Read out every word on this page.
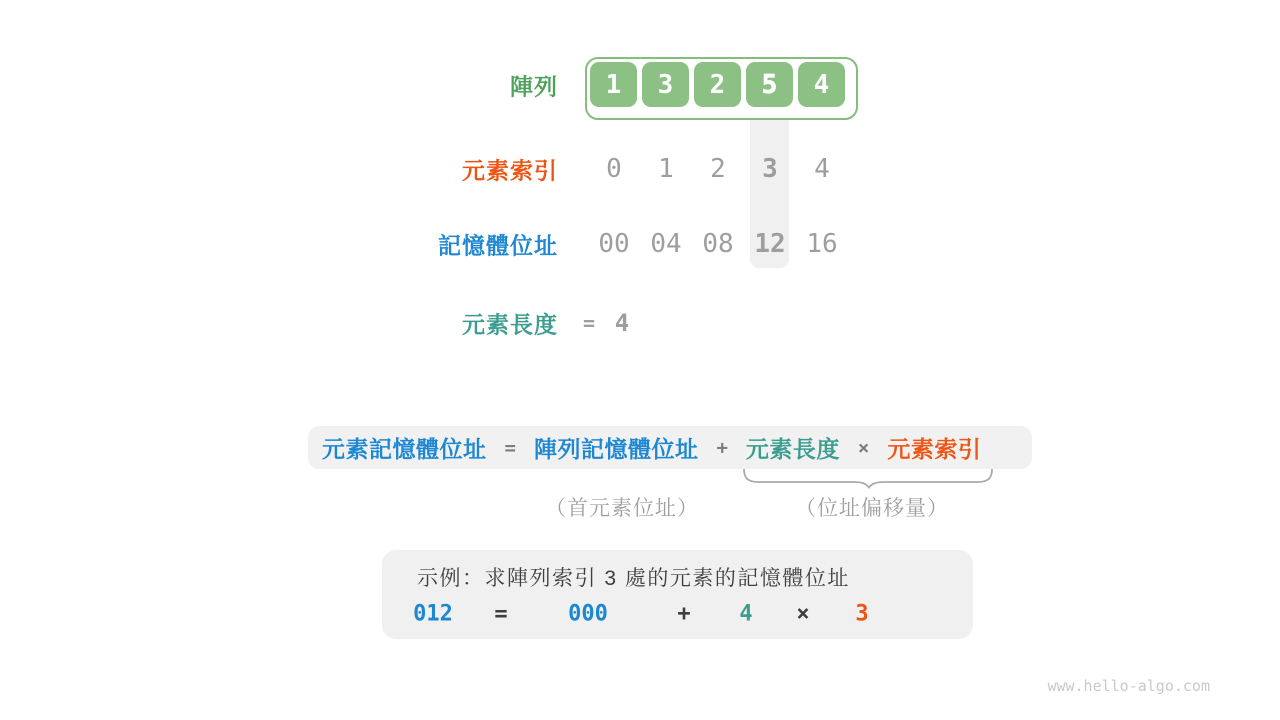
陣列	1	3	2	5	4
元素索引 0 1 2 3 4
記憶體位址 00 04 08 12 16
元素長度 = 4
元素記憶體位址 = 陣列記憶體位址 + 元素長度 × 元素索引
（首元素位址）	（位址偏移量）
示例：求陣列索引 3 處的元素的記憶體位址
012 =	000	+ 4 × 3
www.hello-algo.com
